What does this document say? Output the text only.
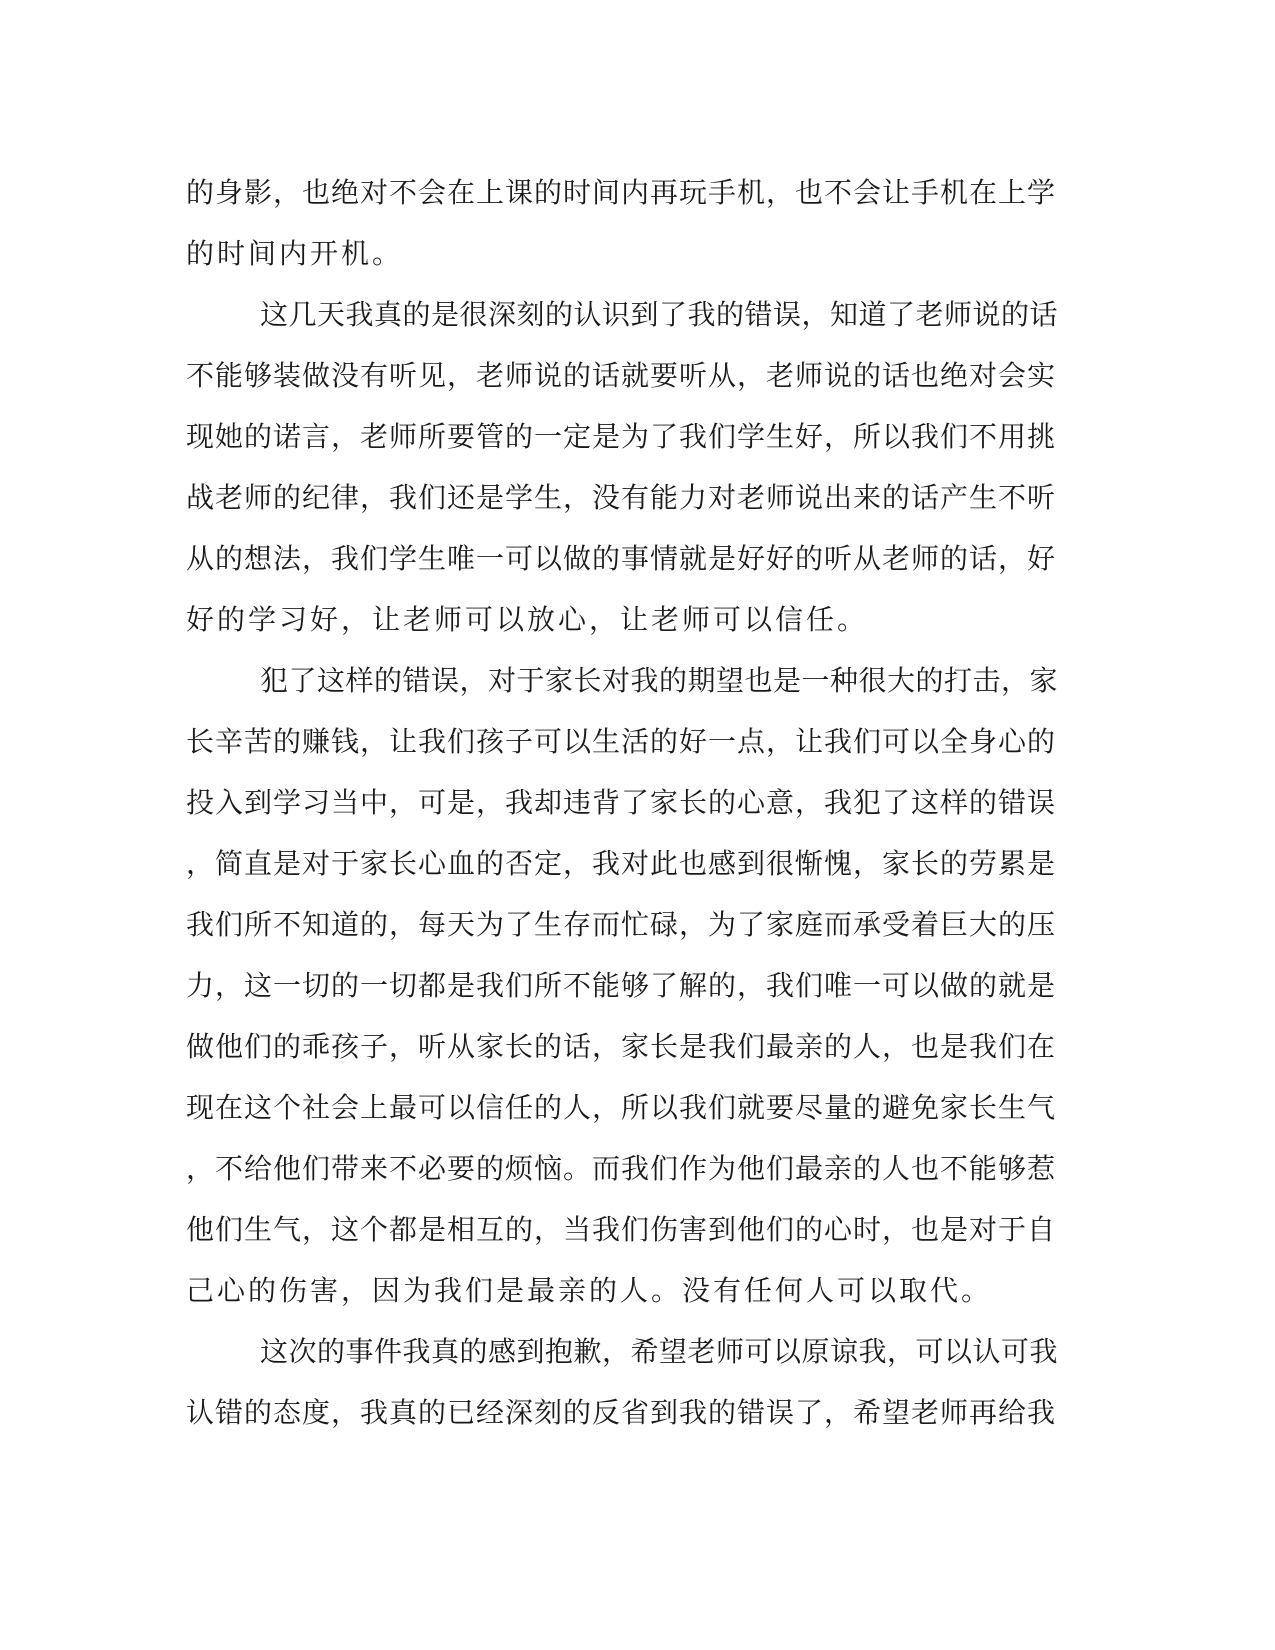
的身影，也绝对不会在上课的时间内再玩手机，也不会让手机在上学
的时间内开机。
这几天我真的是很深刻的认识到了我的错误，知道了老师说的话
不能够装做没有听见，老师说的话就要听从，老师说的话也绝对会实
现她的诺言，老师所要管的一定是为了我们学生好，所以我们不用挑
战老师的纪律，我们还是学生，没有能力对老师说出来的话产生不听
从的想法，我们学生唯一可以做的事情就是好好的听从老师的话，好
好的学习好，让老师可以放心，让老师可以信任。
犯了这样的错误，对于家长对我的期望也是一种很大的打击，家
长辛苦的赚钱，让我们孩子可以生活的好一点，让我们可以全身心的
投入到学习当中，可是，我却违背了家长的心意，我犯了这样的错误
，简直是对于家长心血的否定，我对此也感到很惭愧，家长的劳累是
我们所不知道的，每天为了生存而忙碌，为了家庭而承受着巨大的压
力，这一切的一切都是我们所不能够了解的，我们唯一可以做的就是
做他们的乖孩子，听从家长的话，家长是我们最亲的人，也是我们在
现在这个社会上最可以信任的人，所以我们就要尽量的避免家长生气
，不给他们带来不必要的烦恼。而我们作为他们最亲的人也不能够惹
他们生气，这个都是相互的，当我们伤害到他们的心时，也是对于自
己心的伤害，因为我们是最亲的人。没有任何人可以取代。
这次的事件我真的感到抱歉，希望老师可以原谅我，可以认可我
认错的态度，我真的已经深刻的反省到我的错误了，希望老师再给我
